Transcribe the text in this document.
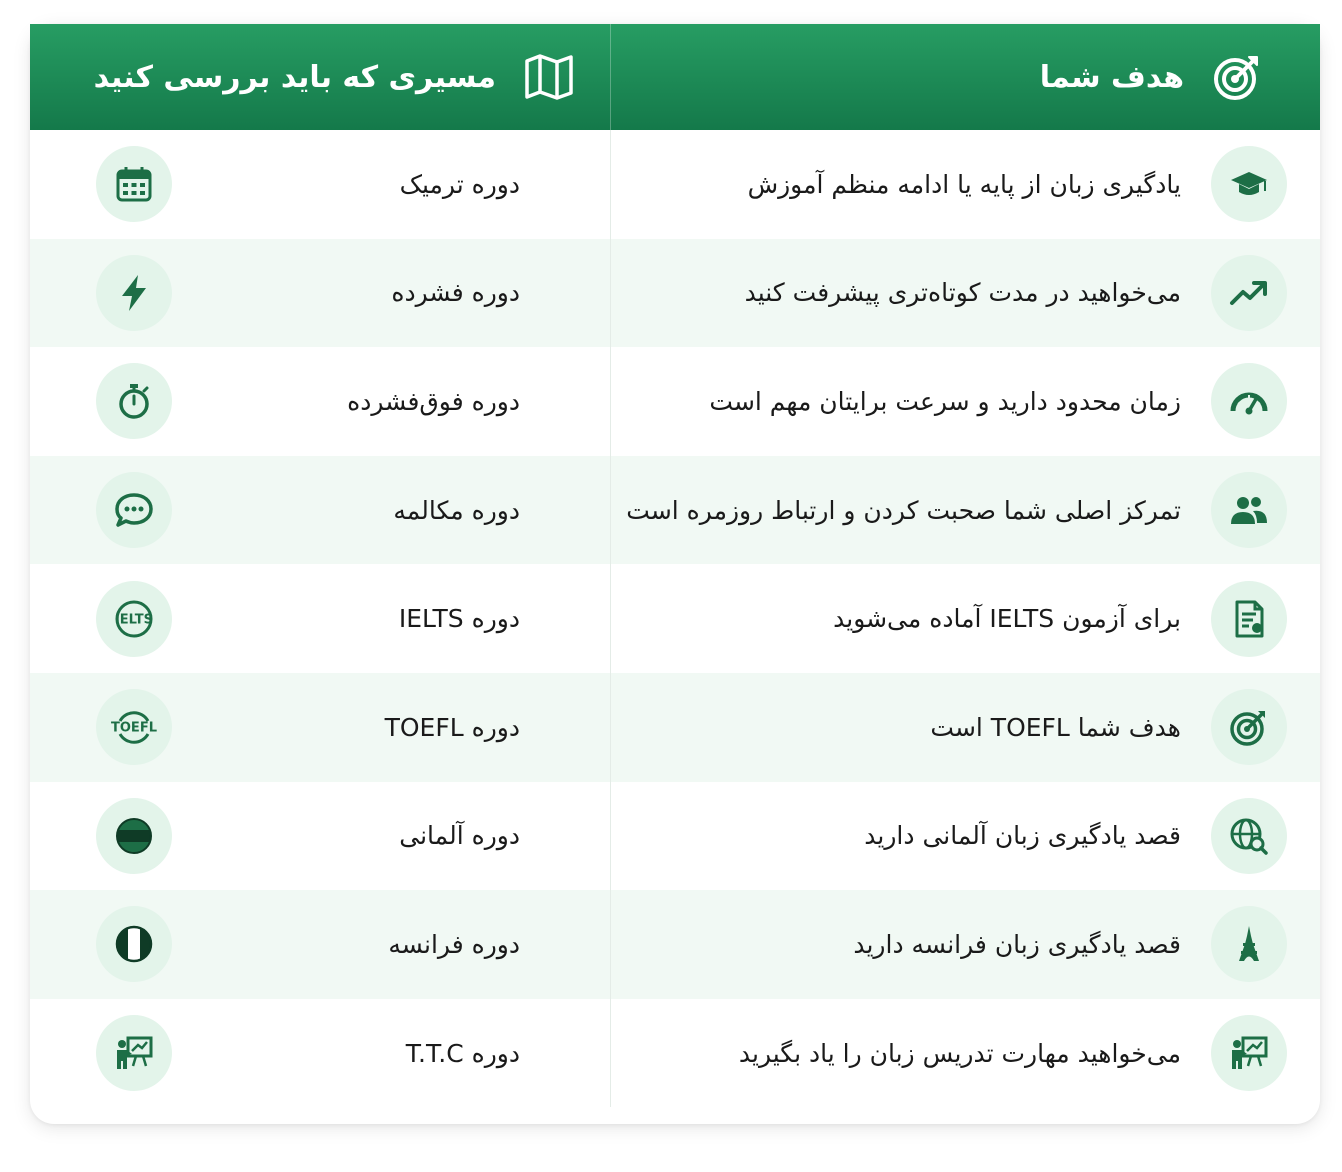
هدف شما
مسیری که باید بررسی کنید
یادگیری زبان از پایه یا ادامه منظم آموزش
دوره ترمیک
می‌خواهید در مدت کوتاه‌تری پیشرفت کنید
دوره فشرده
زمان محدود دارید و سرعت برایتان مهم است
دوره فوق‌فشرده
تمرکز اصلی شما صحبت کردن و ارتباط روزمره است
دوره مکالمه
برای آزمون IELTS آماده می‌شوید
دوره IELTS
IELTS
هدف شما TOEFL است
دوره TOEFL
TOEFL
قصد یادگیری زبان آلمانی دارید
دوره آلمانی
قصد یادگیری زبان فرانسه دارید
دوره فرانسه
می‌خواهید مهارت تدریس زبان را یاد بگیرید
دوره T.T.C
